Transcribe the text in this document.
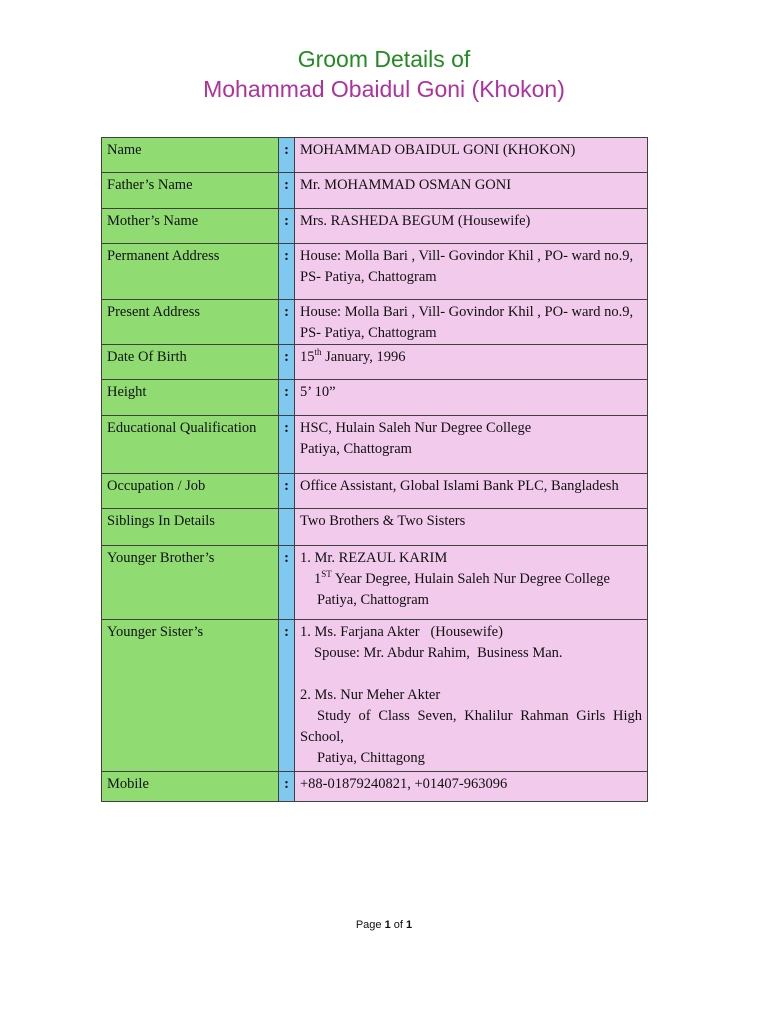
Groom Details of
Mohammad Obaidul Goni (Khokon)
Name	:	MOHAMMAD OBAIDUL GONI (KHOKON)
Father’s Name	:	Mr. MOHAMMAD OSMAN GONI
Mother’s Name	:	Mrs. RASHEDA BEGUM (Housewife)
Permanent Address	:	House: Molla Bari , Vill- Govindor Khil , PO- ward no.9, PS- Patiya, Chattogram
Present Address	:	House: Molla Bari , Vill- Govindor Khil , PO- ward no.9, PS- Patiya, Chattogram
Date Of Birth	:	15th January, 1996
Height	:	5’ 10”
Educational Qualification	:	HSC, Hulain Saleh Nur Degree College
Patiya, Chattogram

Occupation / Job	:	Office Assistant, Global Islami Bank PLC, Bangladesh
Siblings In Details		Two Brothers & Two Sisters
Younger Brother’s	:	1. Mr. REZAUL KARIM
1ST Year Degree, Hulain Saleh Nur Degree College
Patiya, Chattogram

Younger Sister’s	:	1. Ms. Farjana Akter   (Housewife)
Spouse: Mr. Abdur Rahim,  Business Man.
2. Ms. Nur Meher Akter
Study of Class Seven, Khalilur Rahman Girls High School,
Patiya, Chittagong

Mobile	:	+88-01879240821, +01407-963096
Page 1 of 1
